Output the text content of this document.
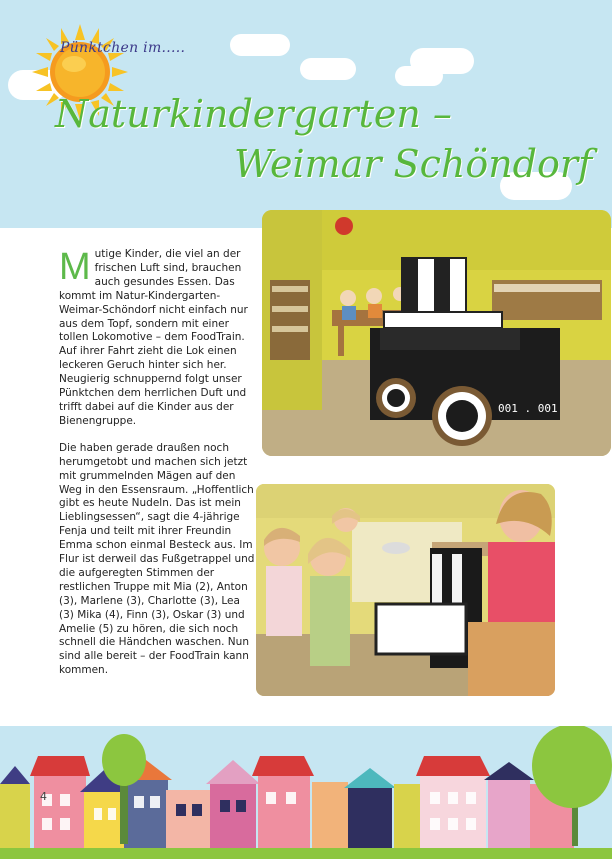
Pünktchen im.....
Naturkindergarten –
Weimar Schöndorf

Mutige Kinder, die viel an der frischen Luft sind, brauchen auch gesundes Essen. Das kommt im Natur-Kindergarten-Weimar-Schöndorf nicht einfach nur aus dem Topf, sondern mit einer tollen Lokomotive – dem FoodTrain. Auf ihrer Fahrt zieht die Lok einen leckeren Geruch hinter sich her. Neugierig schnuppernd folgt unser Pünktchen dem herrlichen Duft und trifft dabei auf die Kinder aus der Bienengruppe.

Die haben gerade draußen noch herumgetobt und machen sich jetzt mit grummelnden Mägen auf den Weg in den Essensraum. „Hoffentlich gibt es heute Nudeln. Das ist mein Lieblingsessen“, sagt die 4-jährige Fenja und teilt mit ihrer Freundin Emma schon einmal Besteck aus. Im Flur ist derweil das Fußgetrappel und die aufgeregten Stimmen der restlichen Truppe mit Mia (2), Anton (3), Marlene (3), Charlotte (3), Lea (3) Mika (4), Finn (3), Oskar (3) und Amelie (5) zu hören, die sich noch schnell die Händchen waschen. Nun sind alle bereit – der FoodTrain kann kommen.

001 . 001
4
